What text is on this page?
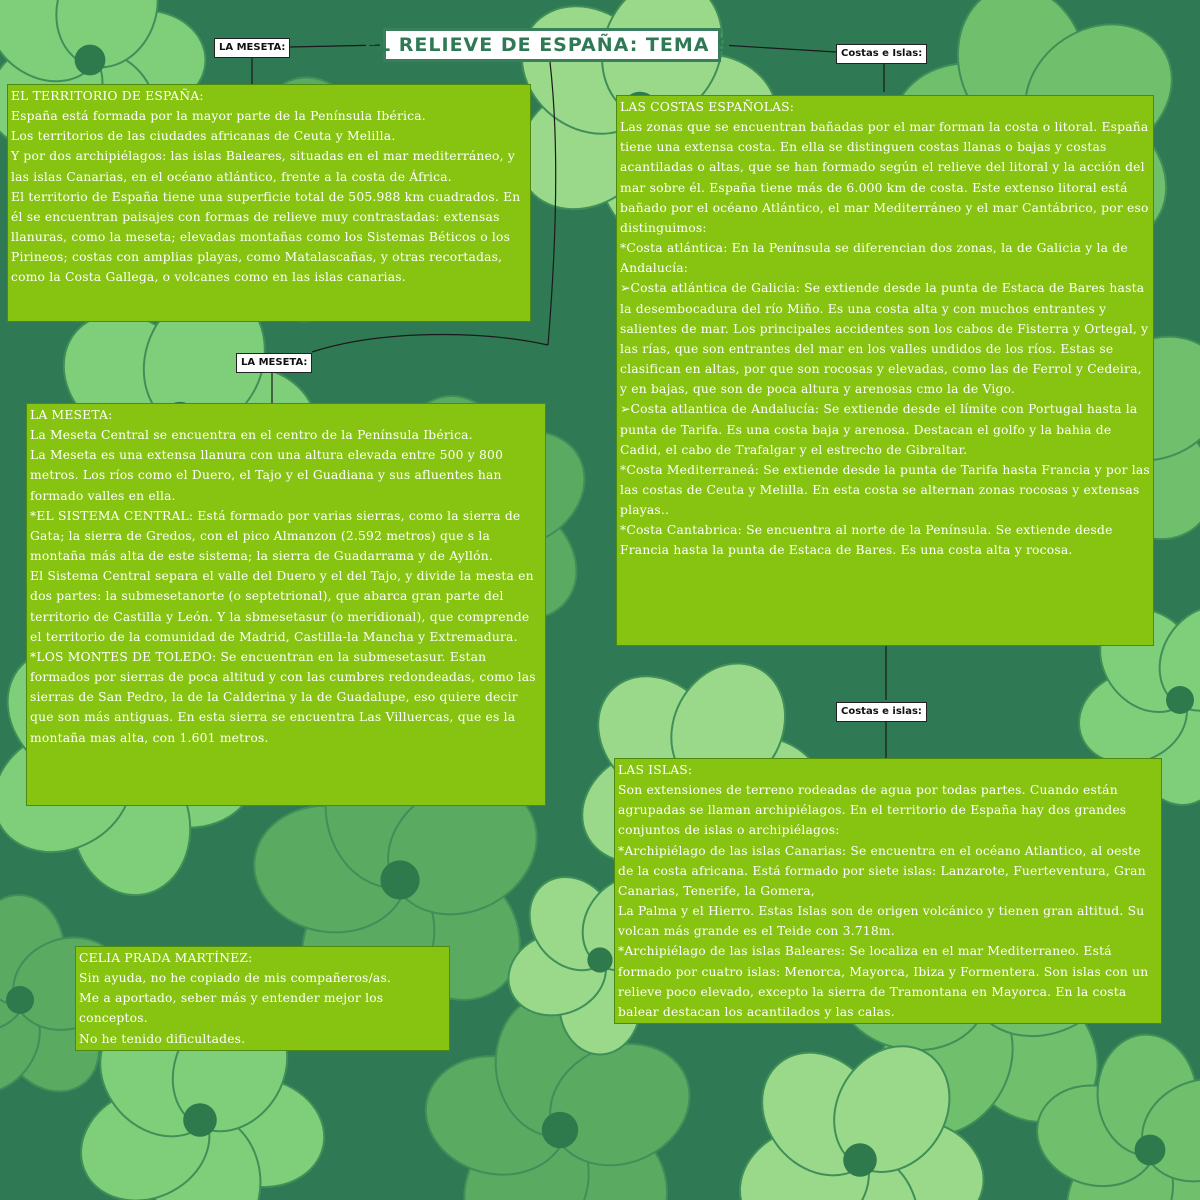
EL RELIEVE DE ESPAÑA: TEMA 9:
LA MESETA:
LA MESETA:
Costas e Islas:
Costas e islas:

EL TERRITORIO DE ESPAÑA:

España está formada por la mayor parte de la Península Ibérica.

Los territorios de las ciudades africanas de Ceuta y Melilla.

Y por dos archipiélagos: las islas Baleares, situadas en el mar mediterráneo, y las islas Canarias, en el océano atlántico, frente a la costa de África.

El territorio de España tiene una superficie total de 505.988 km cuadrados. En él se encuentran paisajes con formas de relieve muy contrastadas: extensas llanuras, como la meseta; elevadas montañas como los Sistemas Béticos o los Pirineos; costas con amplias playas, como Matalascañas, y otras recortadas, como la Costa Gallega, o volcanes como en las islas canarias.

LA MESETA:

La Meseta Central se encuentra en el centro de la Península Ibérica.

La Meseta es una extensa llanura con una altura elevada entre 500 y 800 metros. Los ríos como el Duero, el Tajo y el Guadiana y sus afluentes han formado valles en ella.

*EL SISTEMA CENTRAL: Está formado por varias sierras, como la sierra de Gata; la sierra de Gredos, con el pico Almanzon (2.592 metros) que s la montaña más alta de este sistema; la sierra de Guadarrama y de Ayllón.

El Sistema Central separa el valle del Duero y el del Tajo, y divide la mesta en dos partes: la submesetanorte (o septetrional), que abarca gran parte del territorio de Castilla y León. Y la sbmesetasur (o meridional), que comprende el territorio de la comunidad de Madrid, Castilla-la Mancha y Extremadura.

*LOS MONTES DE TOLEDO: Se encuentran en la submesetasur. Estan formados por sierras de poca altitud y con las cumbres redondeadas, como las sierras de San Pedro, la de la Calderina y la de Guadalupe, eso quiere decir que son más antiguas. En esta sierra se encuentra Las Villuercas, que es la montaña mas alta, con 1.601 metros.

LAS COSTAS ESPAÑOLAS:

Las zonas que se encuentran bañadas por el mar forman la costa o litoral. España tiene una extensa costa. En ella se distinguen costas llanas o bajas y costas acantiladas o altas, que se han formado según el relieve del litoral y la acción del mar sobre él. España tiene más de 6.000 km de costa. Este extenso litoral está bañado por el océano Atlántico, el mar Mediterráneo y el mar Cantábrico, por eso distinguimos:

*Costa atlántica: En la Península se diferencian dos zonas, la de Galicia y la de Andalucía:

➢Costa atlántica de Galicia: Se extiende desde la punta de Estaca de Bares hasta la desembocadura del río Miño. Es una costa alta y con muchos entrantes y salientes de mar. Los principales accidentes son los cabos de Fisterra y Ortegal, y las rías, que son entrantes del mar en los valles undidos de los ríos. Estas se clasifican en altas, por que son rocosas y elevadas, como las de Ferrol y Cedeira, y en bajas, que son de poca altura y arenosas cmo la de Vigo.

➢Costa atlantica de Andalucía: Se extiende desde el límite con Portugal hasta la punta de Tarifa. Es una costa baja y arenosa. Destacan el golfo y la bahia de Cadid, el cabo de Trafalgar y el estrecho de Gibraltar.

*Costa Mediterraneá: Se extiende desde la punta de Tarifa hasta Francia y por las las costas de Ceuta y Melilla. En esta costa se alternan zonas rocosas y extensas playas..

*Costa Cantabrica: Se encuentra al norte de la Península. Se extiende desde Francia hasta la punta de Estaca de Bares. Es una costa alta y rocosa.

LAS ISLAS:

Son extensiones de terreno rodeadas de agua por todas partes. Cuando están agrupadas se llaman archipiélagos. En el territorio de España hay dos grandes conjuntos de islas o archipiélagos:

*Archipiélago de las islas Canarias: Se encuentra en el océano Atlantico, al oeste de la costa africana. Está formado por siete islas: Lanzarote, Fuerteventura, Gran Canarias, Tenerife, la Gomera,

La Palma y el Hierro. Estas Islas son de origen volcánico y tienen gran altitud. Su volcan más grande es el Teide con 3.718m.

*Archipiélago de las islas Baleares: Se localiza en el mar Mediterraneo. Está formado por cuatro islas: Menorca, Mayorca, Ibiza y Formentera. Son islas con un relieve poco elevado, excepto la sierra de Tramontana en Mayorca. En la costa balear destacan los acantilados y las calas.

CELIA PRADA MARTÍNEZ:

Sin ayuda, no he copiado de mis compañeros/as.

Me a aportado, seber más y entender mejor los conceptos.

No he tenido dificultades.
